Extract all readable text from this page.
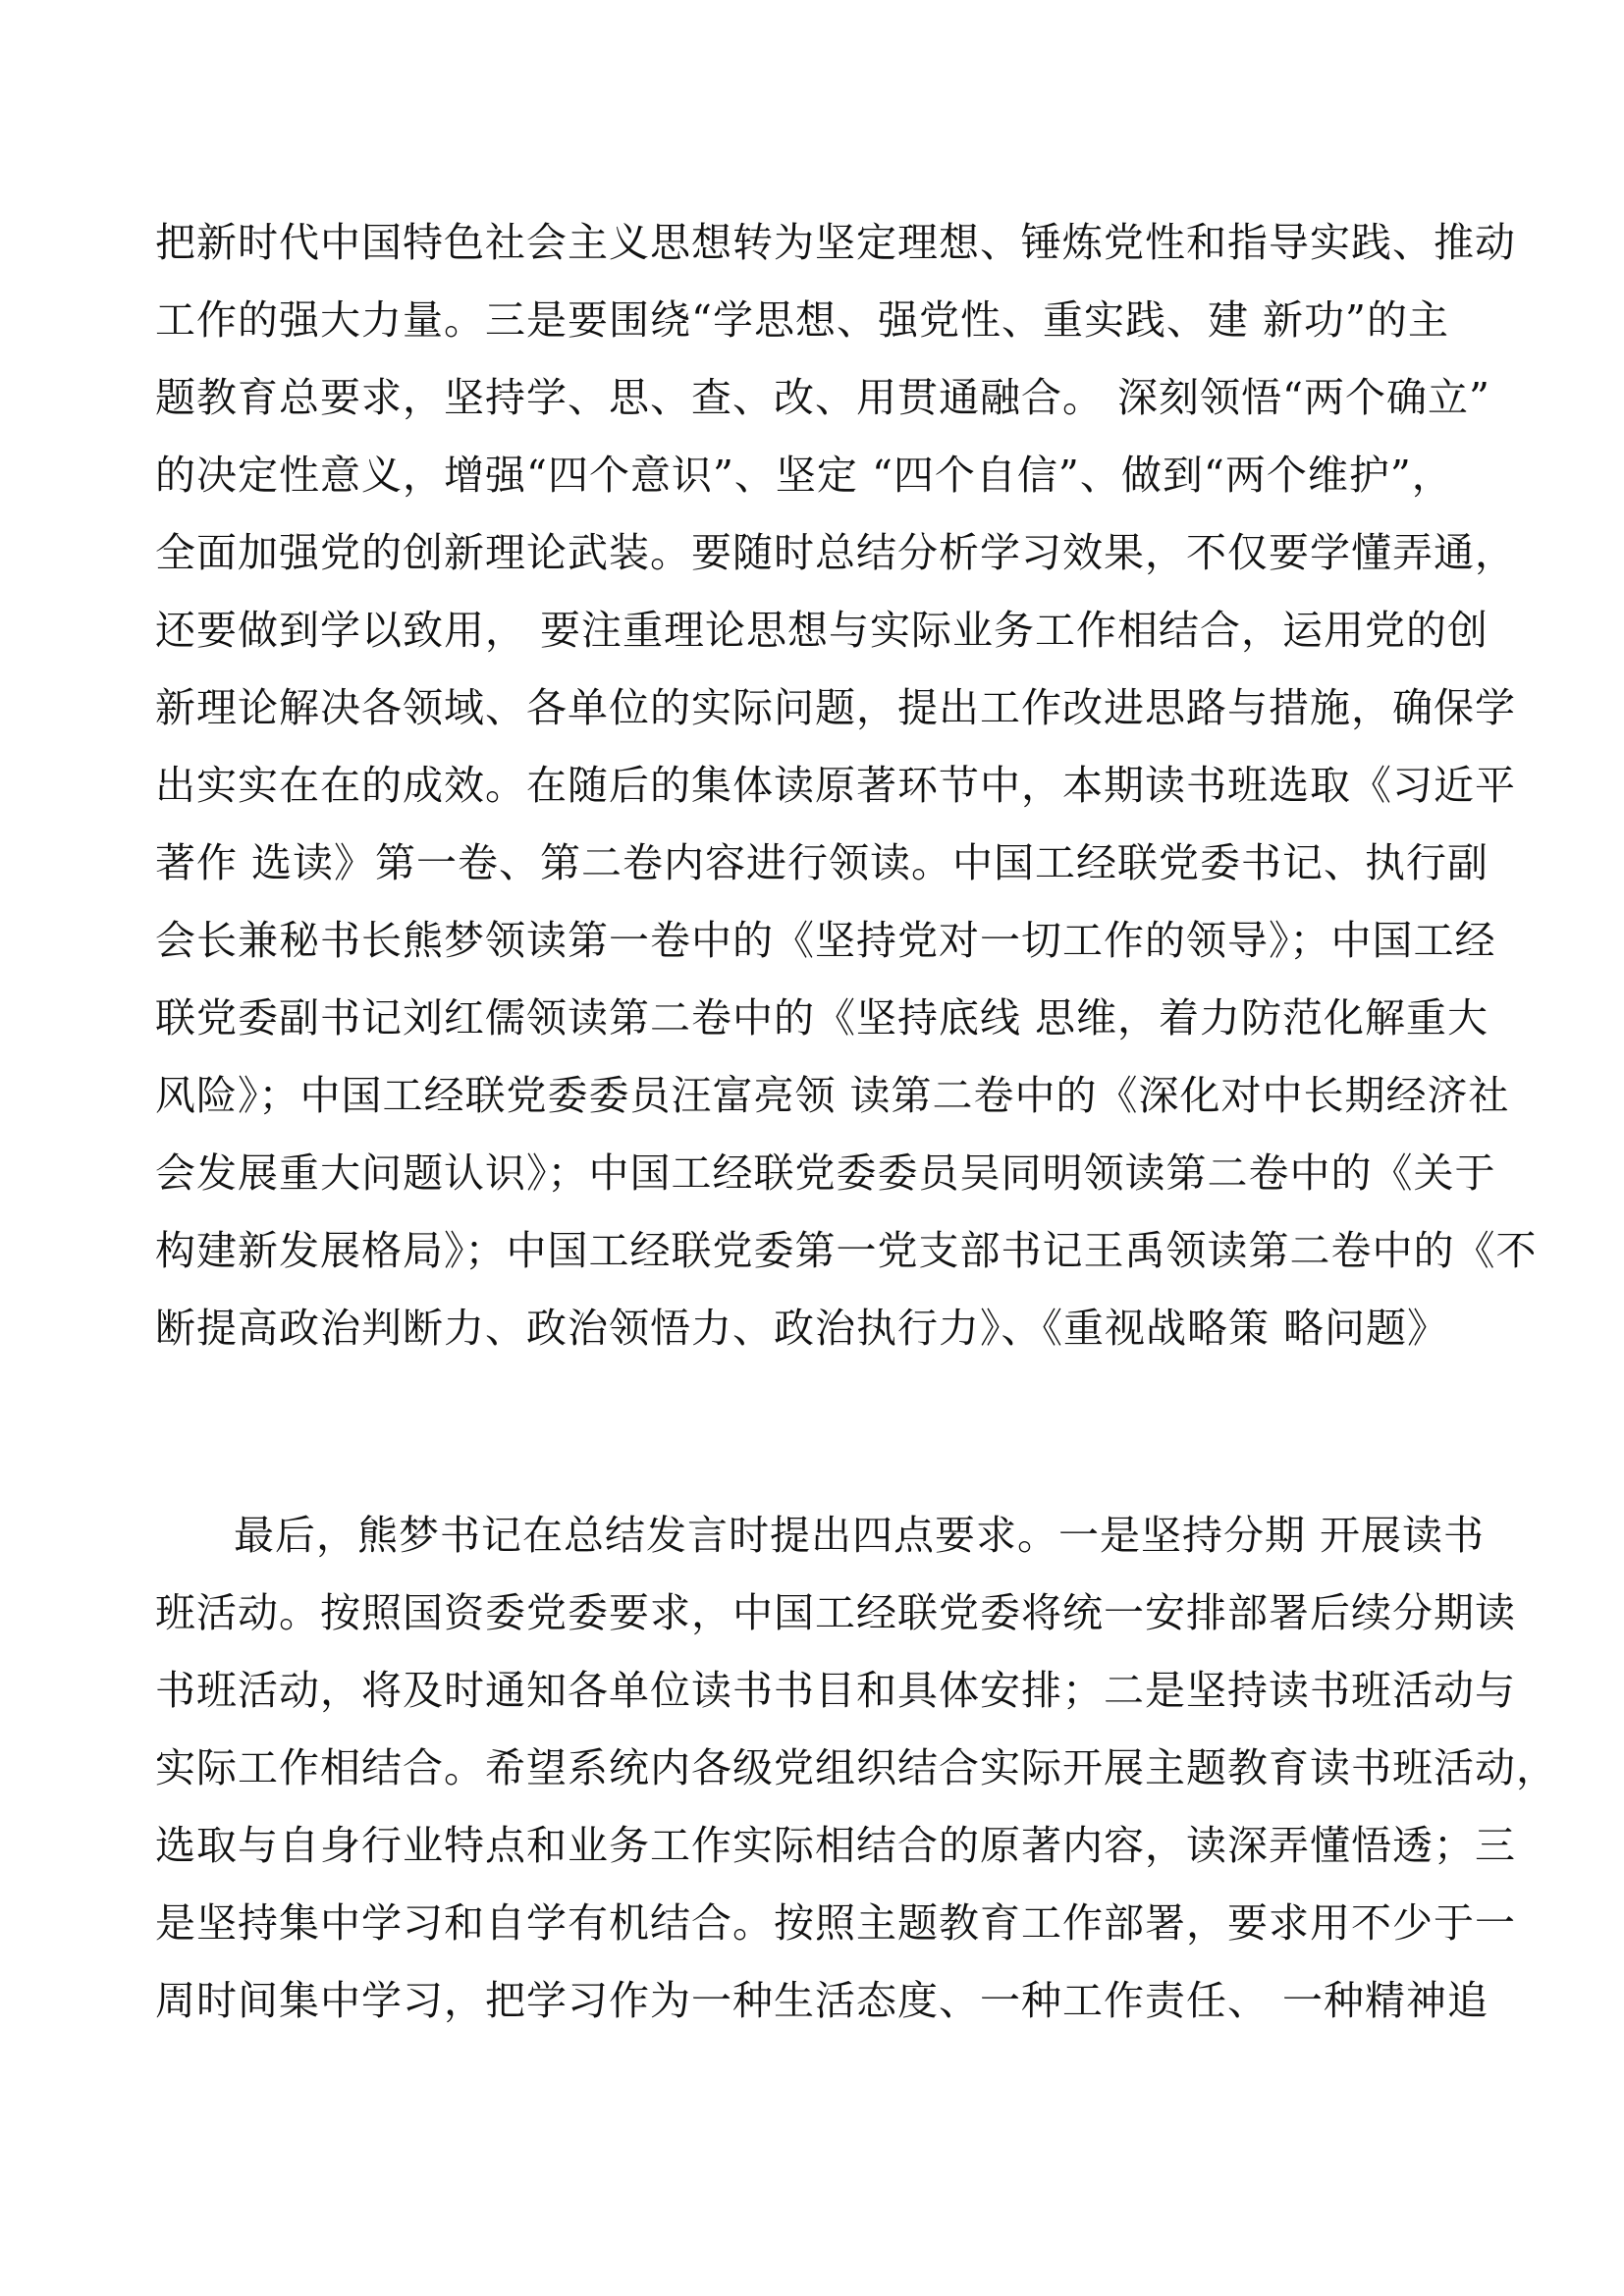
把新时代中国特色社会主义思想转为坚定理想、锤炼党性和指导实践、推动
工作的强大力量。三是要围绕“学思想、强党性、重实践、建 新功”的主
题教育总要求，坚持学、思、查、改、用贯通融合。 深刻领悟“两个确立”
的决定性意义，增强“四个意识”、坚定 “四个自信”、做到“两个维护”，
全面加强党的创新理论武装。要随时总结分析学习效果，不仅要学懂弄通，
还要做到学以致用， 要注重理论思想与实际业务工作相结合，运用党的创
新理论解决各领域、各单位的实际问题，提出工作改进思路与措施，确保学
出实实在在的成效。在随后的集体读原著环节中，本期读书班选取《习近平
著作 选读》第一卷、第二卷内容进行领读。中国工经联党委书记、执行副
会长兼秘书长熊梦领读第一卷中的《坚持党对一切工作的领导》；中国工经
联党委副书记刘红儒领读第二卷中的《坚持底线 思维，着力防范化解重大
风险》；中国工经联党委委员汪富亮领 读第二卷中的《深化对中长期经济社
会发展重大问题认识》；中国工经联党委委员吴同明领读第二卷中的《关于
构建新发展格局》；中国工经联党委第一党支部书记王禹领读第二卷中的《不
断提高政治判断力、政治领悟力、政治执行力》、《重视战略策 略问题》
最后，熊梦书记在总结发言时提出四点要求。一是坚持分期 开展读书
班活动。按照国资委党委要求，中国工经联党委将统一安排部署后续分期读
书班活动，将及时通知各单位读书书目和具体安排；二是坚持读书班活动与
实际工作相结合。希望系统内各级党组织结合实际开展主题教育读书班活动，
选取与自身行业特点和业务工作实际相结合的原著内容，读深弄懂悟透；三
是坚持集中学习和自学有机结合。按照主题教育工作部署，要求用不少于一
周时间集中学习，把学习作为一种生活态度、一种工作责任、 一种精神追
